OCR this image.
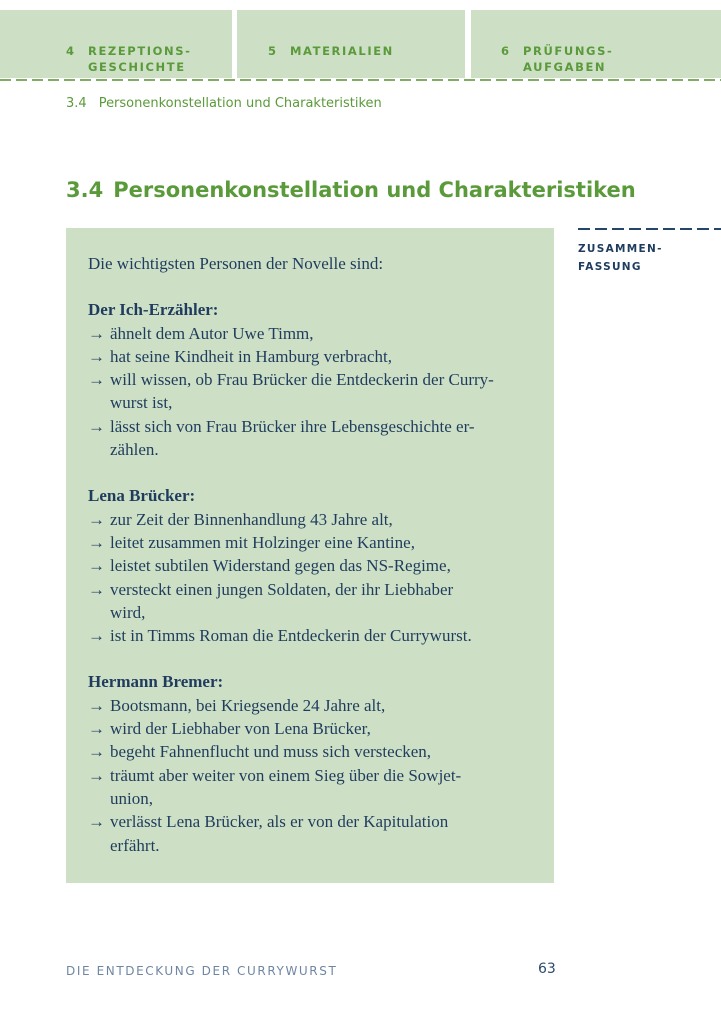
4 REZEPTIONS-
GESCHICHTE
5 MATERIALIEN	6 PRÜFUNGS-
AUFGABEN
3.4 Personenkonstellation und Charakteristiken
3.4 Personenkonstellation und Charakteristiken
ZUSAMMEN-
FASSUNG

Die wichtigsten Personen der Novelle sind:

Der Ich-Erzähler:

→ ähnelt dem Autor Uwe Timm,
→ hat seine Kindheit in Hamburg verbracht,
→ will wissen, ob Frau Brücker die Entdeckerin der Curry-
wurst ist,
→ lässt sich von Frau Brücker ihre Lebensgeschichte er-
zählen.

Lena Brücker:

→ zur Zeit der Binnenhandlung 43 Jahre alt,
→ leitet zusammen mit Holzinger eine Kantine,
→ leistet subtilen Widerstand gegen das NS-Regime,
→ versteckt einen jungen Soldaten, der ihr Liebhaber
wird,
→ ist in Timms Roman die Entdeckerin der Currywurst.

Hermann Bremer:

→ Bootsmann, bei Kriegsende 24 Jahre alt,
→ wird der Liebhaber von Lena Brücker,
→ begeht Fahnenflucht und muss sich verstecken,
→ träumt aber weiter von einem Sieg über die Sowjet-
union,
→ verlässt Lena Brücker, als er von der Kapitulation
erfährt.
DIE ENTDECKUNG DER CURRYWURST	63
